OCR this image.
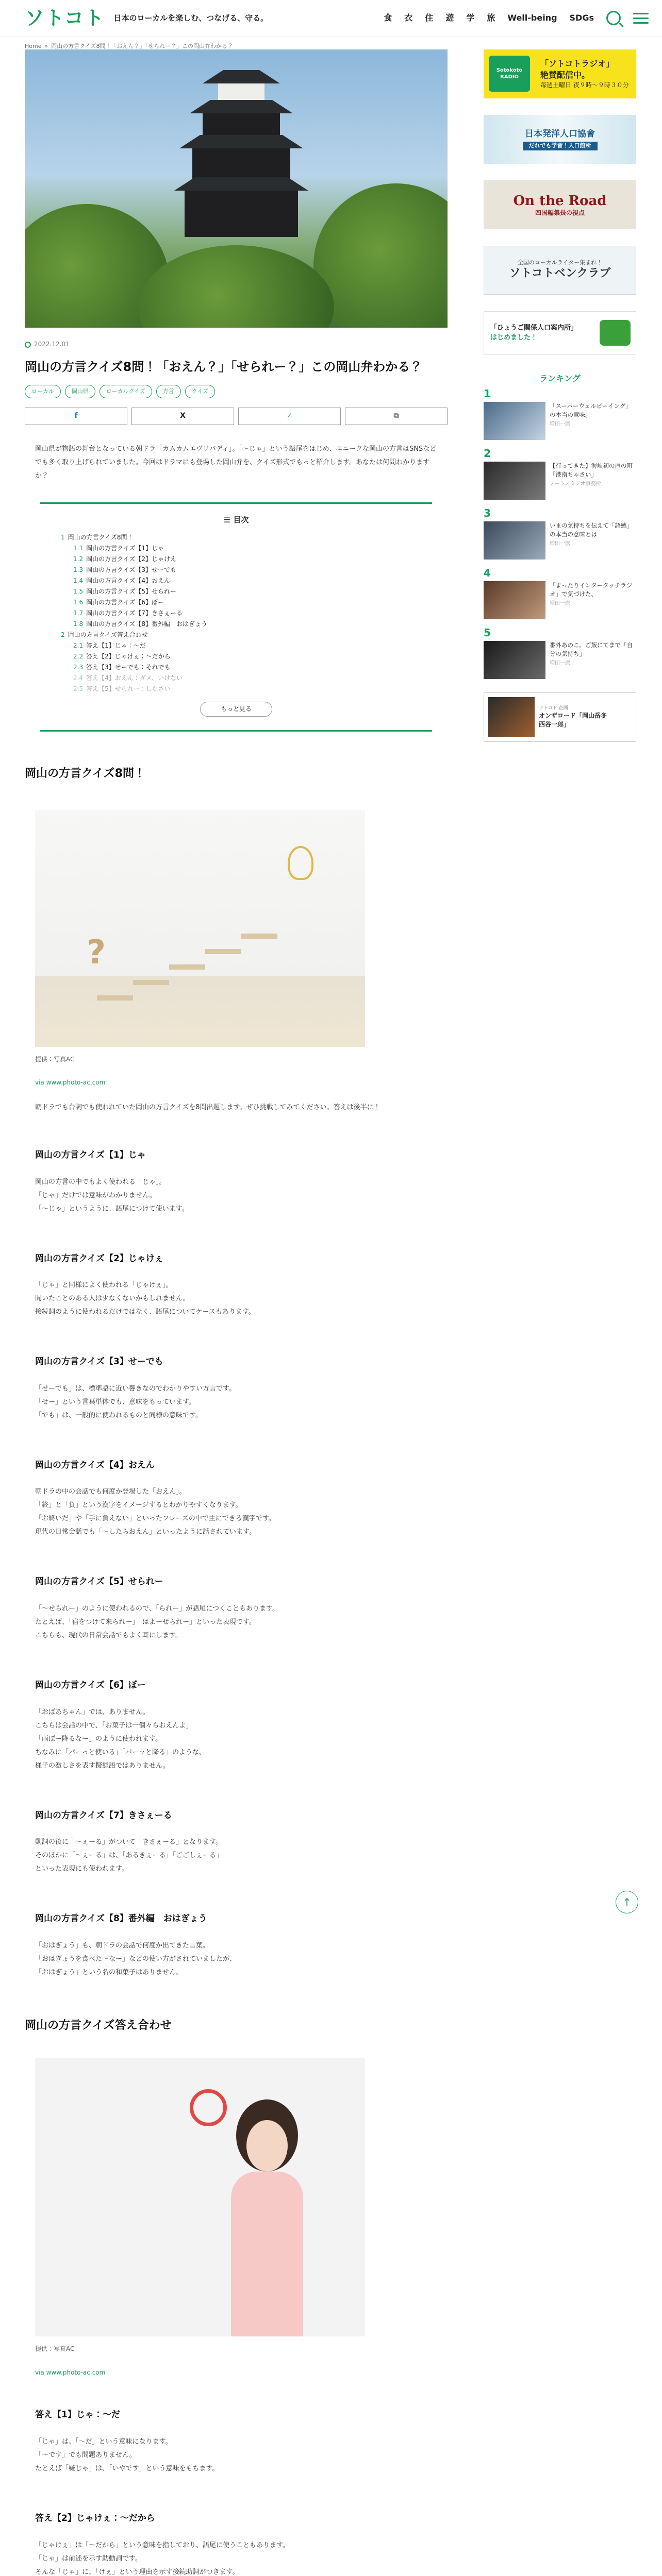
ソトコト 日本のローカルを楽しむ、つなげる、守る。	食 衣 住 遊 学 旅 Well-being SDGs
Home » 岡山の方言クイズ8問！「おえん？」「せられー？」この岡山弁わかる？
2022.12.01
岡山の方言クイズ8問！「おえん？」「せられー？」この岡山弁わかる？
ローカル	岡山県	ローカルクイズ	方言	クイズ
f	X	✓	⧉

岡山県が物語の舞台となっている朝ドラ「カムカムエヴリバディ」。「〜じゃ」という語尾をはじめ、ユニークな岡山の方言はSNSなどでも多く取り上げられていました。今回はドラマにも登場した岡山弁を、クイズ形式でもっと紹介します。あなたは何問わかりますか？

☰ 目次
1 岡山の方言クイズ8問！
1.1 岡山の方言クイズ【1】じゃ
1.2 岡山の方言クイズ【2】じゃけえ
1.3 岡山の方言クイズ【3】せーでも
1.4 岡山の方言クイズ【4】おえん
1.5 岡山の方言クイズ【5】せられー
1.6 岡山の方言クイズ【6】ぼー
1.7 岡山の方言クイズ【7】きさぇーる
1.8 岡山の方言クイズ【8】番外編　おはぎょう
2 岡山の方言クイズ答え合わせ
2.1 答え【1】じゃ：〜だ
2.2 答え【2】じゃけぇ：〜だから
2.3 答え【3】せーでも：それでも
2.4 答え【4】おえん：ダメ、いけない
2.5 答え【5】せられー：しなさい
もっと見る
岡山の方言クイズ8問！
?
提供：写真AC
via www.photo-ac.com

朝ドラでも台詞でも使われていた岡山の方言クイズを8問出題します。ぜひ挑戦してみてください。答えは後半に！

岡山の方言クイズ【1】じゃ
岡山の方言の中でもよく使われる「じゃ」。
「じゃ」だけでは意味がわかりません。
「〜じゃ」というように、語尾につけて使います。
岡山の方言クイズ【2】じゃけぇ
「じゃ」と同様によく使われる「じゃけぇ」。
聞いたことのある人は少なくないかもしれません。
接続詞のように使われるだけではなく、語尾についてケースもあります。
岡山の方言クイズ【3】せーでも
「せーでも」は、標準語に近い響きなのでわかりやすい方言です。
「せー」という言葉単体でも、意味をもっています。
「でも」は、一般的に使われるものと同様の意味です。
岡山の方言クイズ【4】おえん
朝ドラの中の会話でも何度か登場した「おえん」。
「終」と「負」という漢字をイメージするとわかりやすくなります。
「お終いだ」や「手に負えない」といったフレーズの中で主にできる漢字です。
現代の日常会話でも「〜したらおえん」といったように話されています。
岡山の方言クイズ【5】せられー
「〜せられー」のように使われるので、「られー」が語尾につくこともあります。
たとえば、「宿をつけて来られー」「はよーせられー」といった表現です。
こちらも、現代の日常会話でもよく耳にします。
岡山の方言クイズ【6】ぼー
「おばあちゃん」では、ありません。
こちらは会話の中で、「お菓子は一個々らおえんよ」
「雨ぼー降るなー」のように使われます。
ちなみに「パーっと使いる」「パーッと降る」のような、
様子の激しさを表す擬態語ではありません。
岡山の方言クイズ【7】きさぇーる
動詞の後に「〜ぇーる」がついて「きさぇーる」となります。
そのほかに「〜ぇーる」は、「あるきぇーる」「ごごしぇーる」
といった表現にも使われます。
岡山の方言クイズ【8】番外編　おはぎょう
「おはぎょう」も、朝ドラの会話で何度か出てきた言葉。
「おはぎょうを食べた〜なー」などの使い方がされていましたが、
「おはぎょう」という名の和菓子はありません。
岡山の方言クイズ答え合わせ
提供：写真AC
via www.photo-ac.com
答え【1】じゃ：〜だ
「じゃ」は、「〜だ」という意味になります。
「〜です」でも問題ありません。
たとえば「嫌じゃ」は、「いやです」という意味をもちます。
答え【2】じゃけぇ：〜だから
「じゃけぇ」は「〜だから」という意味を指しており、語尾に使うこともあります。
「じゃ」は前述を示す助動詞です。
そんな「じゃ」に、「けぇ」という理由を示す接続助詞がつきます。
Sotokoto RADIO
「ソトコトラジオ」
絶賛配信中。
毎週土曜日 夜９時〜９時３０分
日本発洋人口協會
だれでも学習！入口館所
On the Road
四国編集長の視点
全国のローカルライター集まれ！
ソトコトベンクラブ
「ひょうご関係人口案内所」
はじめました！
ランキング
1
「スーパーウェルビーイング」の本当の意味。
増田一麿
2
【行ってきた】海峡初の直の町「港南ちゃさい」
ノートスタジオ事務所
3
いまの気持ちを伝えて「語感」の本当の意味とは
増田一麿
4
「まったりインタータッチラジオ」で気づけた、
増田一麿
5
番外あのこ。ご飯にてまで「自分の気持ち」
増田一麿
ソトコト 企画
オンザロード「岡山岳冬
西谷一郎」
↑
